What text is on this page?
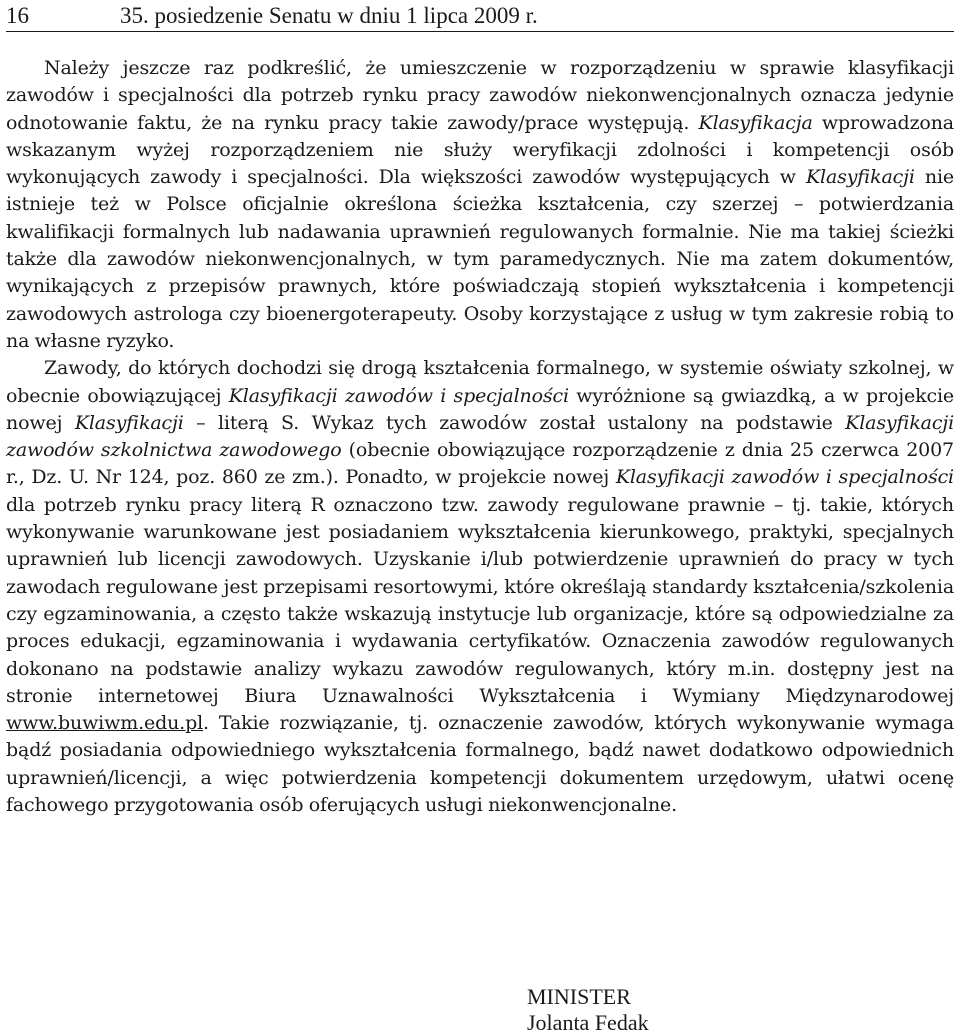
16	35. posiedzenie Senatu w dniu 1 lipca 2009 r.

Należy jeszcze raz podkreślić, że umieszczenie w rozporządzeniu w sprawie klasyfikacji zawodów i specjalności dla potrzeb rynku pracy zawodów niekonwencjonalnych oznacza jedynie odnotowanie faktu, że na rynku pracy takie zawody/prace występują. Klasyfikacja wprowadzona wskazanym wyżej rozporządzeniem nie służy weryfikacji zdolności i kompetencji osób wykonujących zawody i specjalności. Dla większości zawodów występujących w Klasyfikacji nie istnieje też w Polsce oficjalnie określona ścieżka kształcenia, czy szerzej – potwierdzania kwalifikacji formalnych lub nadawania uprawnień regulowanych formalnie. Nie ma takiej ścieżki także dla zawodów niekonwencjonalnych, w tym paramedycznych. Nie ma zatem dokumentów, wynikających z przepisów prawnych, które poświadczają stopień wykształcenia i kompetencji zawodowych astrologa czy bioenergoterapeuty. Osoby korzystające z usług w tym zakresie robią to na własne ryzyko.

Zawody, do których dochodzi się drogą kształcenia formalnego, w systemie oświaty szkolnej, w obecnie obowiązującej Klasyfikacji zawodów i specjalności wyróżnione są gwiazdką, a w projekcie nowej Klasyfikacji – literą S. Wykaz tych zawodów został ustalony na podstawie Klasyfikacji zawodów szkolnictwa zawodowego (obecnie obowiązujące rozporządzenie z dnia 25 czerwca 2007 r., Dz. U. Nr 124, poz. 860 ze zm.). Ponadto, w projekcie nowej Klasyfikacji zawodów i specjalności dla potrzeb rynku pracy literą R oznaczono tzw. zawody regulowane prawnie – tj. takie, których wykonywanie warunkowane jest posiadaniem wykształcenia kierunkowego, praktyki, specjalnych uprawnień lub licencji zawodowych. Uzyskanie i/lub potwierdzenie uprawnień do pracy w tych zawodach regulowane jest przepisami resortowymi, które określają standardy kształcenia/szkolenia czy egzaminowania, a często także wskazują instytucje lub organizacje, które są odpowiedzialne za proces edukacji, egzaminowania i wydawania certyfikatów. Oznaczenia zawodów regulowanych dokonano na podstawie analizy wykazu zawodów regulowanych, który m.in. dostępny jest na stronie internetowej Biura Uznawalności Wykształcenia i Wymiany Międzynarodowej www.buwiwm.edu.pl. Takie rozwiązanie, tj. oznaczenie zawodów, których wykonywanie wymaga bądź posiadania odpowiedniego wykształcenia formalnego, bądź nawet dodatkowo odpowiednich uprawnień/licencji, a więc potwierdzenia kompetencji dokumentem urzędowym, ułatwi ocenę fachowego przygotowania osób oferujących usługi niekonwencjonalne.

MINISTER
Jolanta Fedak
